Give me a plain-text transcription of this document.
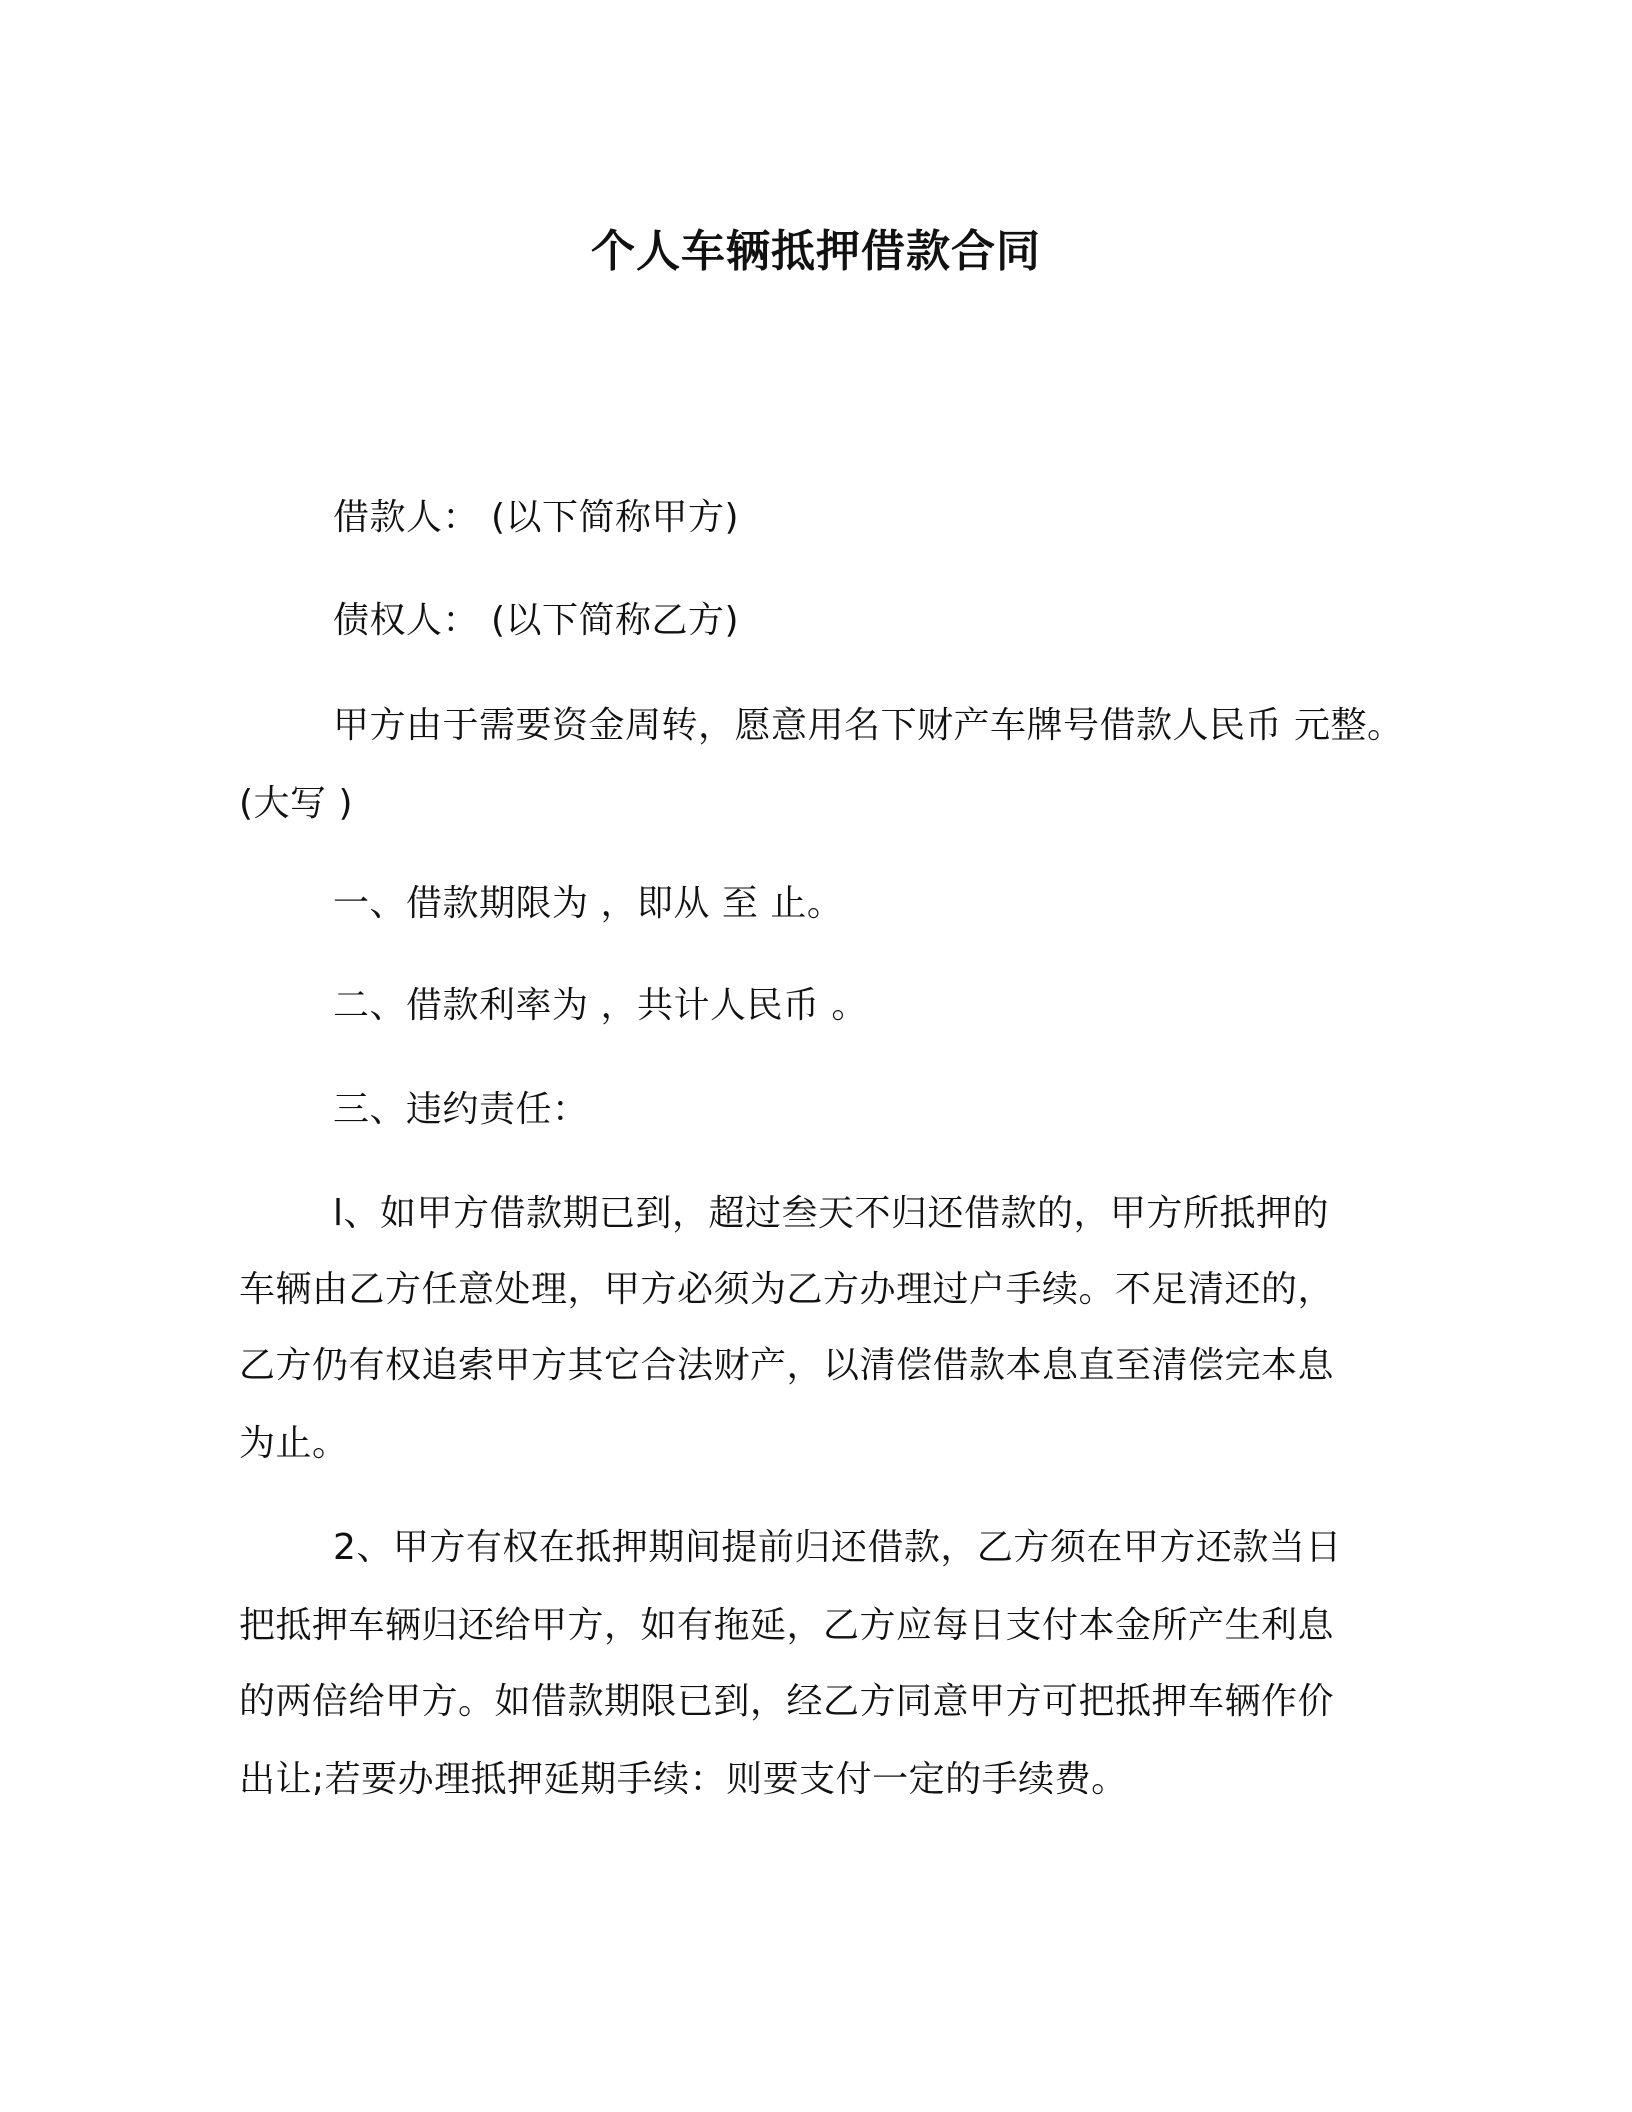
个人车辆抵押借款合同
借款人： (以下简称甲方)
债权人： (以下简称乙方)
甲方由于需要资金周转，愿意用名下财产车牌号借款人民币 元整。
(大写 )
一、借款期限为 ，即从 至 止。
二、借款利率为 ，共计人民币 。
三、违约责任：
l、如甲方借款期已到，超过叁天不归还借款的，甲方所抵押的
车辆由乙方任意处理，甲方必须为乙方办理过户手续。不足清还的，
乙方仍有权追索甲方其它合法财产，以清偿借款本息直至清偿完本息
为止。
2、甲方有权在抵押期间提前归还借款，乙方须在甲方还款当日
把抵押车辆归还给甲方，如有拖延，乙方应每日支付本金所产生利息
的两倍给甲方。如借款期限已到，经乙方同意甲方可把抵押车辆作价
出让;若要办理抵押延期手续：则要支付一定的手续费。
